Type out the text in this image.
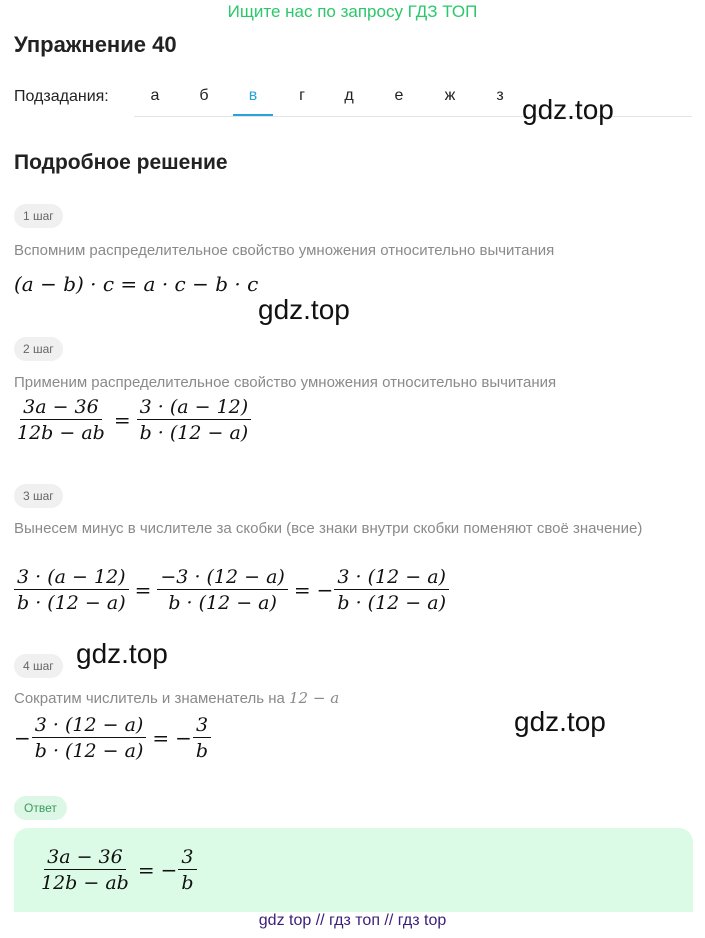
Ищите нас по запросу ГДЗ ТОП
Упражнение 40
Подзадания:	а	б	в	г	д	е	ж	з gdz.top
Подробное решение
1 шаг
Вспомним распределительное свойство умножения относительно вычитания
(a − b) · c = a · c − b · c
gdz.top
2 шаг
Применим распределительное свойство умножения относительно вычитания
$\frac{3a - 36}{12b - ab} = \frac{3 \cdot (a - 12)}{b \cdot (12 - a)}$
3 шаг
Вынесем минус в числителе за скобки (все знаки внутри скобки поменяют своё значение)
$\frac{3 \cdot (a - 12)}{b \cdot (12 - a)} = \frac{-3 \cdot (12 - a)}{b \cdot (12 - a)}$ = − $\frac{3 \cdot (12 - a)}{b \cdot (12 - a)}$
gdz.top
4 шаг
Сократим числитель и знаменатель на 12 − a
− $\frac{3 \cdot (12 - a)}{b \cdot (12 - a)}$ = − $\frac{3}{b}$	gdz.top
Ответ
$\frac{3a - 36}{12b - ab}$ = − $\frac{3}{b}$
gdz top // гдз топ // гдз top
